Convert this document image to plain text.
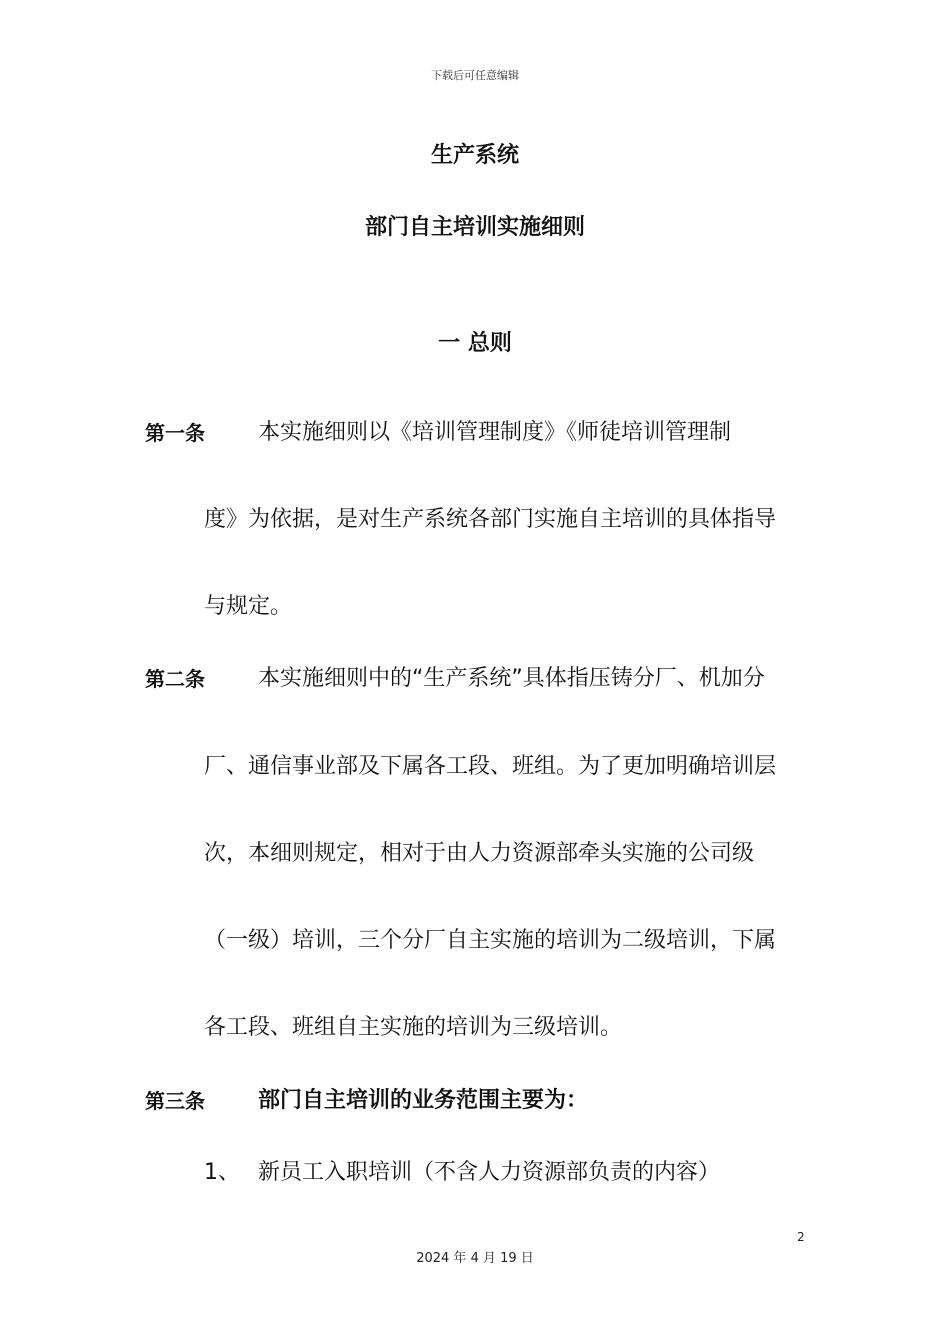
下载后可任意编辑
生产系统
部门自主培训实施细则
一 总则
第一条 本实施细则以《培训管理制度》《师徒培训管理制
度》为依据，是对生产系统各部门实施自主培训的具体指导
与规定。
第二条 本实施细则中的“生产系统”具体指压铸分厂、机加分
厂、通信事业部及下属各工段、班组。为了更加明确培训层
次，本细则规定，相对于由人力资源部牵头实施的公司级
（一级）培训，三个分厂自主实施的培训为二级培训，下属
各工段、班组自主实施的培训为三级培训。
第三条 部门自主培训的业务范围主要为：
1、 新员工入职培训（不含人力资源部负责的内容）
2
2024 年 4 月 19 日
